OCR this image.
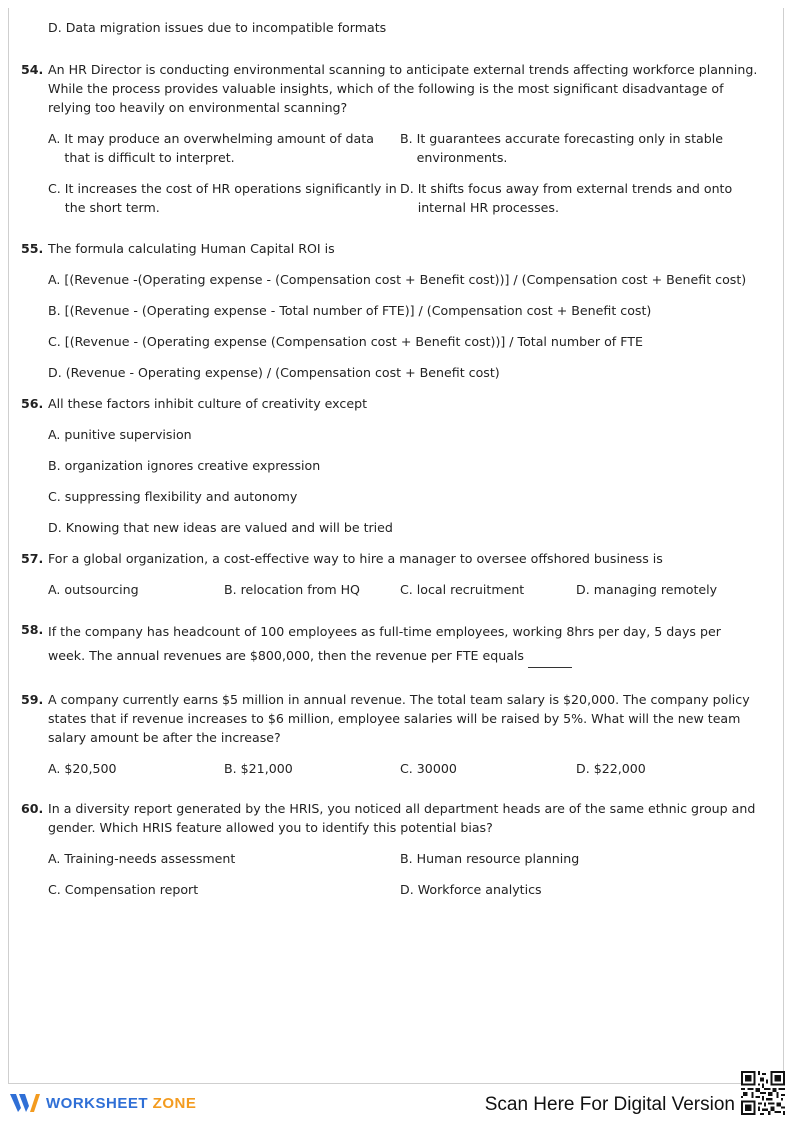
D. Data migration issues due to incompatible formats
54. An HR Director is conducting environmental scanning to anticipate external trends affecting workforce planning. While the process provides valuable insights, which of the following is the most significant disadvantage of relying too heavily on environmental scanning?
A. It may produce an overwhelming amount of data that is difficult to interpret.
B. It guarantees accurate forecasting only in stable environments.
C. It increases the cost of HR operations significantly in the short term.
D. It shifts focus away from external trends and onto internal HR processes.
55. The formula calculating Human Capital ROI is
A. [(Revenue -(Operating expense - (Compensation cost + Benefit cost))] / (Compensation cost + Benefit cost)
B. [(Revenue - (Operating expense - Total number of FTE)] / (Compensation cost + Benefit cost)
C. [(Revenue - (Operating expense (Compensation cost + Benefit cost))] / Total number of FTE
D. (Revenue - Operating expense) / (Compensation cost + Benefit cost)
56. All these factors inhibit culture of creativity except
A. punitive supervision
B. organization ignores creative expression
C. suppressing flexibility and autonomy
D. Knowing that new ideas are valued and will be tried
57. For a global organization, a cost-effective way to hire a manager to oversee offshored business is
A. outsourcing	B. relocation from HQ	C. local recruitment	D. managing remotely
58. If the company has headcount of 100 employees as full-time employees, working 8hrs per day, 5 days per week. The annual revenues are $800,000, then the revenue per FTE equals
59. A company currently earns $5 million in annual revenue. The total team salary is $20,000. The company policy states that if revenue increases to $6 million, employee salaries will be raised by 5%. What will the new team salary amount be after the increase?
A. $20,500	B. $21,000	C. 30000	D. $22,000
60. In a diversity report generated by the HRIS, you noticed all department heads are of the same ethnic group and gender. Which HRIS feature allowed you to identify this potential bias?
A. Training-needs assessment	B. Human resource planning
C. Compensation report	D. Workforce analytics
WORKSHEET ZONE	Scan Here For Digital Version
